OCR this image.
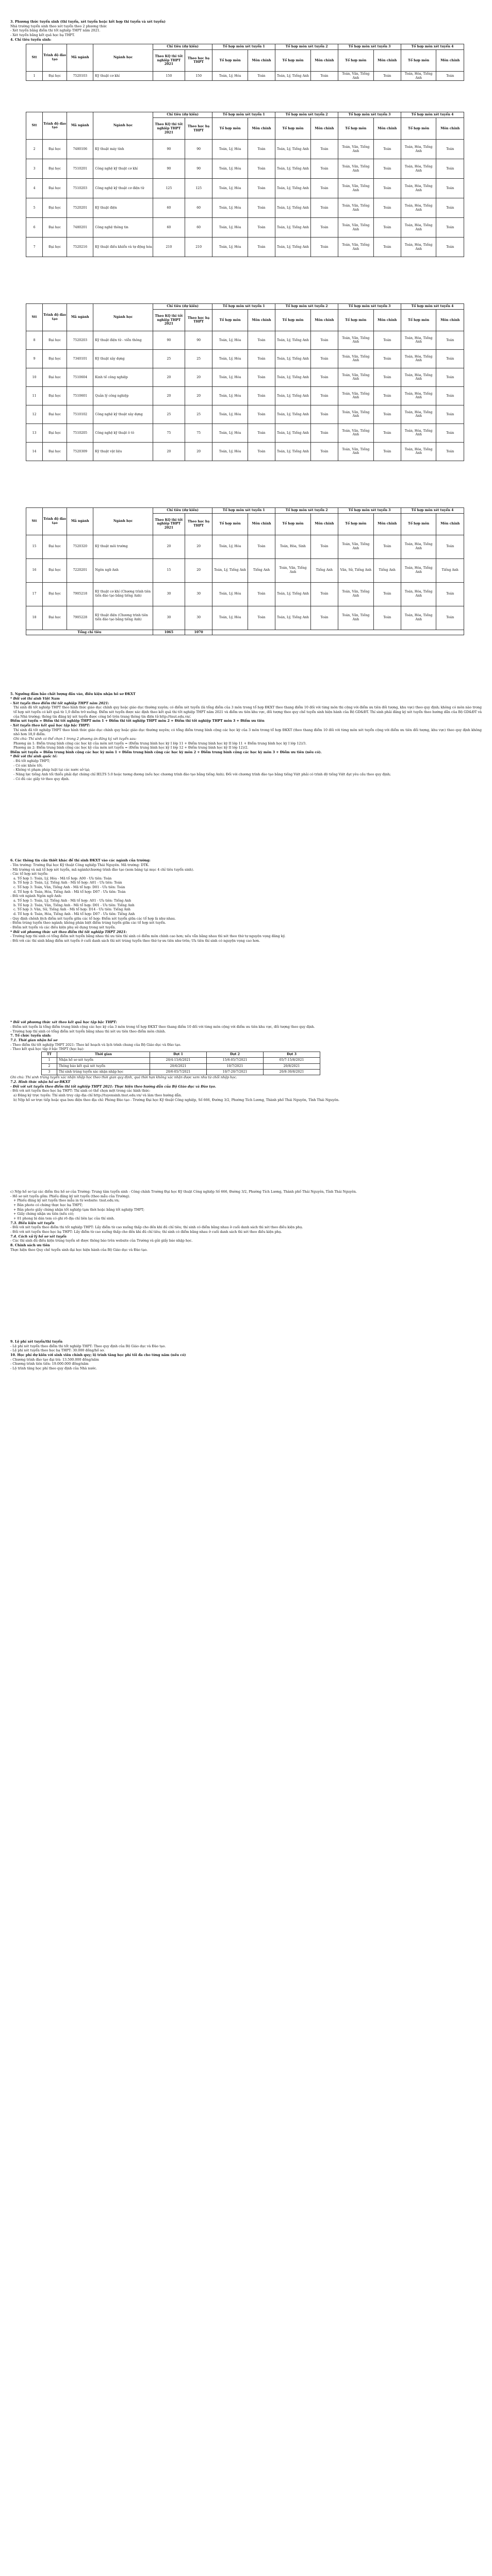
3. Phương thức tuyển sinh (thi tuyển, xét tuyển hoặc kết hợp thi tuyển và xét tuyển)

Nhà trường tuyển sinh theo xét tuyển theo 2 phương thức

- Xét tuyển bằng điểm thi tốt nghiệp THPT năm 2021.

- Xét tuyển bằng kết quả học bạ THPT.

4. Chỉ tiêu tuyển sinh:

Stt	Trình độ đào tạo	Mã ngành	Ngành học	Chỉ tiêu (dự kiến)		Tổ hợp môn xét tuyển 1		Tổ hợp môn xét tuyển 2		Tổ hợp môn xét tuyển 3		Tổ hợp môn xét tuyển 4	
				Theo KQ thi tốt nghiệp THPT 2021	Theo học bạ THPT	Tổ hợp môn	Môn chính	Tổ hợp môn	Môn chính	Tổ hợp môn	Môn chính	Tổ hợp môn	Môn chính
1	Đại học	7520103	Kỹ thuật cơ khí	150	150	Toán, Lý, Hóa	Toán	Toán, Lý, Tiếng Anh	Toán	Toán, Văn, Tiếng Anh	Toán	Toán, Hóa, Tiếng Anh	Toán
Stt	Trình độ đào tạo	Mã ngành	Ngành học	Chỉ tiêu (dự kiến)		Tổ hợp môn xét tuyển 1		Tổ hợp môn xét tuyển 2		Tổ hợp môn xét tuyển 3		Tổ hợp môn xét tuyển 4	
				Theo KQ thi tốt nghiệp THPT 2021	Theo học bạ THPT	Tổ hợp môn	Môn chính	Tổ hợp môn	Môn chính	Tổ hợp môn	Môn chính	Tổ hợp môn	Môn chính
2	Đại học	7480106	Kỹ thuật máy tính	90	90	Toán, Lý, Hóa	Toán	Toán, Lý, Tiếng Anh	Toán	Toán, Văn, Tiếng Anh	Toán	Toán, Hóa, Tiếng Anh	Toán
3	Đại học	7510201	Công nghệ kỹ thuật cơ khí	90	90	Toán, Lý, Hóa	Toán	Toán, Lý, Tiếng Anh	Toán	Toán, Văn, Tiếng Anh	Toán	Toán, Hóa, Tiếng Anh	Toán
4	Đại học	7510203	Công nghệ kỹ thuật cơ điện tử	125	125	Toán, Lý, Hóa	Toán	Toán, Lý, Tiếng Anh	Toán	Toán, Văn, Tiếng Anh	Toán	Toán, Hóa, Tiếng Anh	Toán
5	Đại học	7520201	Kỹ thuật điện	60	60	Toán, Lý, Hóa	Toán	Toán, Lý, Tiếng Anh	Toán	Toán, Văn, Tiếng Anh	Toán	Toán, Hóa, Tiếng Anh	Toán
6	Đại học	7480201	Công nghệ thông tin	60	60	Toán, Lý, Hóa	Toán	Toán, Lý, Tiếng Anh	Toán	Toán, Văn, Tiếng Anh	Toán	Toán, Hóa, Tiếng Anh	Toán
7	Đại học	7520216	Kỹ thuật điều khiển và tự động hóa	210	210	Toán, Lý, Hóa	Toán	Toán, Lý, Tiếng Anh	Toán	Toán, Văn, Tiếng Anh	Toán	Toán, Hóa, Tiếng Anh	Toán
Stt	Trình độ đào tạo	Mã ngành	Ngành học	Chỉ tiêu (dự kiến)		Tổ hợp môn xét tuyển 1		Tổ hợp môn xét tuyển 2		Tổ hợp môn xét tuyển 3		Tổ hợp môn xét tuyển 4	
				Theo KQ thi tốt nghiệp THPT 2021	Theo học bạ THPT	Tổ hợp môn	Môn chính	Tổ hợp môn	Môn chính	Tổ hợp môn	Môn chính	Tổ hợp môn	Môn chính
8	Đại học	7520203	Kỹ thuật điện tử - viễn thông	90	90	Toán, Lý, Hóa	Toán	Toán, Lý, Tiếng Anh	Toán	Toán, Văn, Tiếng Anh	Toán	Toán, Hóa, Tiếng Anh	Toán
9	Đại học	7340101	Kỹ thuật xây dựng	25	25	Toán, Lý, Hóa	Toán	Toán, Lý, Tiếng Anh	Toán	Toán, Văn, Tiếng Anh	Toán	Toán, Hóa, Tiếng Anh	Toán
10	Đại học	7510604	Kinh tế công nghiệp	20	20	Toán, Lý, Hóa	Toán	Toán, Lý, Tiếng Anh	Toán	Toán, Văn, Tiếng Anh	Toán	Toán, Hóa, Tiếng Anh	Toán
11	Đại học	7510601	Quản lý công nghiệp	20	20	Toán, Lý, Hóa	Toán	Toán, Lý, Tiếng Anh	Toán	Toán, Văn, Tiếng Anh	Toán	Toán, Hóa, Tiếng Anh	Toán
12	Đại học	7510102	Công nghệ kỹ thuật xây dựng	25	25	Toán, Lý, Hóa	Toán	Toán, Lý, Tiếng Anh	Toán	Toán, Văn, Tiếng Anh	Toán	Toán, Hóa, Tiếng Anh	Toán
13	Đại học	7510205	Công nghệ kỹ thuật ô tô	75	75	Toán, Lý, Hóa	Toán	Toán, Lý, Tiếng Anh	Toán	Toán, Văn, Tiếng Anh	Toán	Toán, Hóa, Tiếng Anh	Toán
14	Đại học	7520309	Kỹ thuật vật liệu	20	20	Toán, Lý, Hóa	Toán	Toán, Lý, Tiếng Anh	Toán	Toán, Văn, Tiếng Anh	Toán	Toán, Hóa, Tiếng Anh	Toán
Stt	Trình độ đào tạo	Mã ngành	Ngành học	Chỉ tiêu (dự kiến)		Tổ hợp môn xét tuyển 1		Tổ hợp môn xét tuyển 2		Tổ hợp môn xét tuyển 3		Tổ hợp môn xét tuyển 4	
				Theo KQ thi tốt nghiệp THPT 2021	Theo học bạ THPT	Tổ hợp môn	Môn chính	Tổ hợp môn	Môn chính	Tổ hợp môn	Môn chính	Tổ hợp môn	Môn chính
15	Đại học	7520320	Kỹ thuật môi trường	20	20	Toán, Lý, Hóa	Toán	Toán, Hóa, Sinh	Toán	Toán, Văn, Tiếng Anh	Toán	Toán, Hóa, Tiếng Anh	Toán
16	Đại học	7220201	Ngôn ngữ Anh	15	20	Toán, Lý, Tiếng Anh	Tiếng Anh	Toán, Văn, Tiếng Anh	Tiếng Anh	Văn, Sử, Tiếng Anh	Tiếng Anh	Toán, Hóa, Tiếng Anh	Tiếng Anh
17	Đại học	7905218	Kỹ thuật cơ khí (Chương trình tiên tiến đào tạo bằng tiếng Anh)	30	30	Toán, Lý, Hóa	Toán	Toán, Lý, Tiếng Anh	Toán	Toán, Văn, Tiếng Anh	Toán	Toán, Hóa, Tiếng Anh	Toán
18	Đại học	7905228	Kỹ thuật điện (Chương trình tiên tiến đào tạo bằng tiếng Anh)	30	30	Toán, Lý, Hóa	Toán	Toán, Lý, Tiếng Anh	Toán	Toán, Văn, Tiếng Anh	Toán	Toán, Hóa, Tiếng Anh	Toán
Tổng chỉ tiêu				1065	1070								

5. Ngưỡng đảm bảo chất lượng đầu vào, điều kiện nhận hồ sơ ĐKXT

* Đối với thí sinh Việt Nam

- Xét tuyển theo điểm thi tốt nghiệp THPT năm 2021:

Thí sinh đã tốt nghiệp THPT theo hình thức giáo dục chính quy hoặc giáo dục thường xuyên; có điểm xét tuyển (là tổng điểm của 3 môn trong tổ hợp ĐKXT theo thang điểm 10 đối với từng môn thi cộng với điểm ưu tiên đối tượng, khu vực) theo quy định; không có môn nào trong tổ hợp xét tuyển có kết quả từ 1,0 điểm trở xuống. Điểm xét tuyển được xác định theo kết quả thi tốt nghiệp THPT năm 2021 và điểm ưu tiên khu vực, đối tượng theo quy chế tuyển sinh hiện hành của Bộ GD&ĐT. Thí sinh phải đăng ký xét tuyển theo hướng dẫn của Bộ GD&ĐT và của Nhà trường; thông tin đăng ký xét tuyển được công bố trên trang thông tin điện tử http://tnut.edu.vn/.

Điểm xét tuyển = Điểm thi tốt nghiệp THPT môn 1 + Điểm thi tốt nghiệp THPT môn 2 + Điểm thi tốt nghiệp THPT môn 3 + Điểm ưu tiên

- Xét tuyển theo kết quả học tập bậc THPT:

Thí sinh đã tốt nghiệp THPT theo hình thức giáo dục chính quy hoặc giáo dục thường xuyên; có tổng điểm trung bình cộng các học kỳ của 3 môn trong tổ hợp ĐKXT (theo thang điểm 10 đối với từng môn xét tuyển cộng với điểm ưu tiên đối tượng, khu vực) theo quy định không nhỏ hơn 18,0 điểm.

Ghi chú: Thí sinh có thể chọn 1 trong 2 phương án đăng ký xét tuyển sau:

Phương án 1: Điểm trung bình cộng các học kỳ của môn xét tuyển = (Điểm trung bình học kỳ I lớp 11 + Điểm trung bình học kỳ II lớp 11 + Điểm trung bình học kỳ I lớp 12)/3.

Phương án 2: Điểm trung bình cộng các học kỳ của môn xét tuyển = (Điểm trung bình học kỳ I lớp 12 + Điểm trung bình học kỳ II lớp 12)/2.

Điểm xét tuyển = Điểm trung bình cộng các học kỳ môn 1 + Điểm trung bình cộng các học kỳ môn 2 + Điểm trung bình cộng các học kỳ môn 3 + Điểm ưu tiên (nếu có).

* Đối với thí sinh quốc tế:

- Đủ tốt nghiệp THPT;

- Có sức khỏe tốt;

- Không vi phạm pháp luật tại các nước sở tại;

- Năng lực tiếng Anh tối thiểu phải đạt chứng chỉ IELTS 5.0 hoặc tương đương (nếu học chương trình đào tạo bằng tiếng Anh); Đối với chương trình đào tạo bằng tiếng Việt phải có trình độ tiếng Việt đạt yêu cầu theo quy định;

- Có đủ các giấy tờ theo quy định.

6. Các thông tin cần thiết khác để thí sinh ĐKXT vào các ngành của trường:

- Tên trường: Trường Đại học Kỹ thuật Công nghiệp Thái Nguyên. Mã trường: DTK.

- Mã trường và mã tổ hợp xét tuyển, mã ngành/chương trình đào tạo (xem bảng tại mục 4 chỉ tiêu tuyển sinh).

- Các tổ hợp xét tuyển:

a. Tổ hợp 1: Toán, Lý, Hóa - Mã tổ hợp: A00 - Ưu tiên: Toán

b. Tổ hợp 2: Toán, Lý, Tiếng Anh - Mã tổ hợp: A01 - Ưu tiên: Toán

c. Tổ hợp 3: Toán, Văn, Tiếng Anh - Mã tổ hợp: D01 - Ưu tiên: Toán

d. Tổ hợp 4: Toán, Hóa, Tiếng Anh - Mã tổ hợp: D07 - Ưu tiên: Toán

- Đối với ngành Ngôn ngữ Anh:

a. Tổ hợp 1: Toán, Lý, Tiếng Anh - Mã tổ hợp: A01 - Ưu tiên: Tiếng Anh

b. Tổ hợp 2: Toán, Văn, Tiếng Anh - Mã tổ hợp: D01 - Ưu tiên: Tiếng Anh

c. Tổ hợp 3: Văn, Sử, Tiếng Anh - Mã tổ hợp: D14 - Ưu tiên: Tiếng Anh

d. Tổ hợp 4: Toán, Hóa, Tiếng Anh - Mã tổ hợp: D07 - Ưu tiên: Tiếng Anh

- Quy định chênh lệch điểm xét tuyển giữa các tổ hợp: Điểm xét tuyển giữa các tổ hợp là như nhau.

- Điểm trúng tuyển theo ngành; không phân biệt điểm trúng tuyển giữa các tổ hợp xét tuyển.

- Điểm xét tuyển và các điều kiện phụ sử dụng trong xét tuyển.

* Đối với phương thức xét theo điểm thi tốt nghiệp THPT 2021:

- Trường hợp thí sinh có tổng điểm xét tuyển bằng nhau thì ưu tiên thí sinh có điểm môn chính cao hơn; nếu vẫn bằng nhau thì xét theo thứ tự nguyện vọng đăng ký.

- Đối với các thí sinh bằng điểm xét tuyển ở cuối danh sách thì xét trúng tuyển theo thứ tự ưu tiên như trên; Ưu tiên thí sinh có nguyện vọng cao hơn.

* Đối với phương thức xét theo kết quả học tập bậc THPT:

- Điểm xét tuyển là tổng điểm trung bình cộng các học kỳ của 3 môn trong tổ hợp ĐKXT theo thang điểm 10 đối với từng môn cộng với điểm ưu tiên khu vực, đối tượng theo quy định.

- Trường hợp thí sinh có tổng điểm xét tuyển bằng nhau thì xét ưu tiên theo điểm môn chính.

7. Tổ chức tuyển sinh:

7.1. Thời gian nhận hồ sơ

- Theo điểm thi tốt nghiệp THPT 2021: Theo kế hoạch và lịch trình chung của Bộ Giáo dục và Đào tạo.

- Theo kết quả học tập ở bậc THPT (học bạ):

TT	Thời gian	Đợt 1	Đợt 2	Đợt 3
1	Nhận hồ sơ xét tuyển	20/4-15/6/2021	15/6-05/7/2021	05/7-15/8/2021
2	Thông báo kết quả xét tuyển	20/6/2021	10/7/2021	20/8/2021
3	Thí sinh trúng tuyển xác nhận nhập học	20/6-05/7/2021	10/7-20/7/2021	20/8-30/8/2021

Ghi chú: Thí sinh trúng tuyển xác nhận nhập học theo thời gian quy định, quá thời hạn không xác nhận được xem như từ chối nhập học.

7.2. Hình thức nhận hồ sơ ĐKXT

- Đối với xét tuyển theo điểm thi tốt nghiệp THPT 2021: Thực hiện theo hướng dẫn của Bộ Giáo dục và Đào tạo.

- Đối với xét tuyển theo học bạ THPT: Thí sinh có thể chọn một trong các hình thức:

a) Đăng ký trực tuyến: Thí sinh truy cập địa chỉ http://tuyensinh.tnut.edu.vn/ và làm theo hướng dẫn.

b) Nộp hồ sơ trực tiếp hoặc qua bưu điện theo địa chỉ: Phòng Đào tạo - Trường Đại học Kỹ thuật Công nghiệp, Số 666, Đường 3/2, Phường Tích Lương, Thành phố Thái Nguyên, Tỉnh Thái Nguyên.

c) Nộp hồ sơ tại các điểm thu hồ sơ của Trường: Trung tâm tuyển sinh - Công chính Trường Đại học Kỹ thuật Công nghiệp Số 666, Đường 3/2, Phường Tích Lương, Thành phố Thái Nguyên, Tỉnh Thái Nguyên.

- Hồ sơ xét tuyển gồm: Phiếu đăng ký xét tuyển (theo mẫu của Trường).

+ Phiếu đăng ký xét tuyển theo mẫu in từ website: tnut.edu.vn;

+ Bản photo có chứng thực học bạ THPT;

+ Bản photo giấy chứng nhận tốt nghiệp tạm thời hoặc bằng tốt nghiệp THPT;

+ Giấy chứng nhận ưu tiên (nếu có);

+ 01 phong bì dán tem có ghi rõ địa chỉ liên lạc của thí sinh.

7.3. Điều kiện xét tuyển

- Đối với xét tuyển theo điểm thi tốt nghiệp THPT: Lấy điểm từ cao xuống thấp cho đến khi đủ chỉ tiêu; thí sinh có điểm bằng nhau ở cuối danh sách thì xét theo điều kiện phụ.

- Đối với xét tuyển theo học bạ THPT: Lấy điểm từ cao xuống thấp cho đến khi đủ chỉ tiêu; thí sinh có điểm bằng nhau ở cuối danh sách thì xét theo điều kiện phụ.

7.4. Cách xử lý hồ sơ xét tuyển

- Các thí sinh đủ điều kiện trúng tuyển sẽ được thông báo trên website của Trường và gửi giấy báo nhập học.

8. Chính sách ưu tiên

Thực hiện theo Quy chế tuyển sinh đại học hiện hành của Bộ Giáo dục và Đào tạo.

9. Lệ phí xét tuyển/thi tuyển

- Lệ phí xét tuyển theo điểm thi tốt nghiệp THPT: Theo quy định của Bộ Giáo dục và Đào tạo.

- Lệ phí xét tuyển theo học bạ THPT: 30.000 đồng/hồ sơ.

10. Học phí dự kiến với sinh viên chính quy; lộ trình tăng học phí tối đa cho từng năm (nếu có)

- Chương trình đào tạo đại trà: 13.500.000 đồng/năm

- Chương trình tiên tiến: 19.000.000 đồng/năm

- Lộ trình tăng học phí theo quy định của Nhà nước.
